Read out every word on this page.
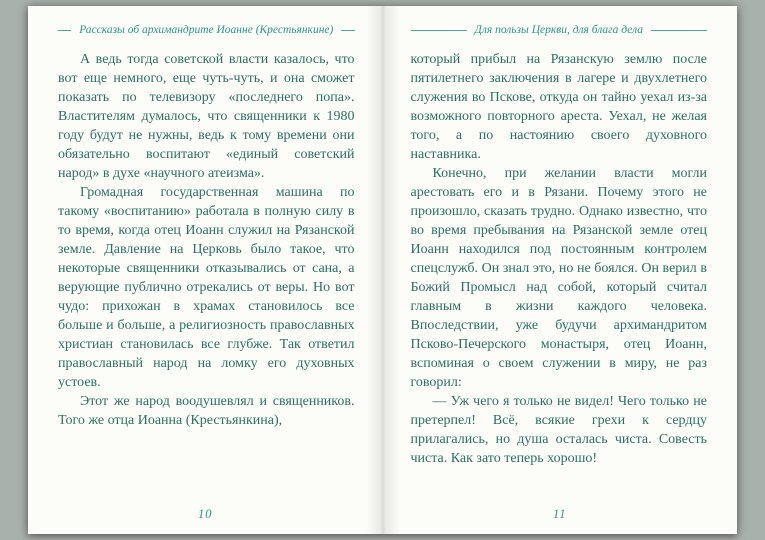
Рассказы об архимандрите Иоанне (Крестьянкине)

А ведь тогда советской власти казалось, что вот еще немного, еще чуть-чуть, и она сможет показать по телевизору «последнего попа». Властителям думалось, что священники к 1980 году будут не нужны, ведь к тому времени они обязательно воспитают «единый советский народ» в духе «научного атеизма».

Громадная государственная машина по такому «воспитанию» работала в полную силу в то время, когда отец Иоанн служил на Рязанской земле. Давление на Церковь было такое, что некоторые священники отказывались от сана, а верующие публично отрекались от веры. Но вот чудо: прихожан в храмах становилось все больше и больше, а религиозность православных христиан становилась все глубже. Так ответил православный народ на ломку его духовных устоев.

Этот же народ воодушевлял и священников. Того же отца Иоанна (Крестьянкина),

10
Для пользы Церкви, для блага дела

который прибыл на Рязанскую землю после пятилетнего заключения в лагере и двухлетнего служения во Пскове, откуда он тайно уехал из-за возможного повторного ареста. Уехал, не желая того, а по настоянию своего духовного наставника.

Конечно, при желании власти могли арестовать его и в Рязани. Почему этого не произошло, сказать трудно. Однако известно, что во время пребывания на Рязанской земле отец Иоанн находился под постоянным контролем спецслужб. Он знал это, но не боялся. Он верил в Божий Промысл над собой, который считал главным в жизни каждого человека. Впоследствии, уже будучи архимандритом Псково-Печерского монастыря, отец Иоанн, вспоминая о своем служении в миру, не раз говорил:

— Уж чего я только не видел! Чего только не претерпел! Всё, всякие грехи к сердцу прилагались, но душа осталась чиста. Совесть чиста. Как зато теперь хорошо!

11
